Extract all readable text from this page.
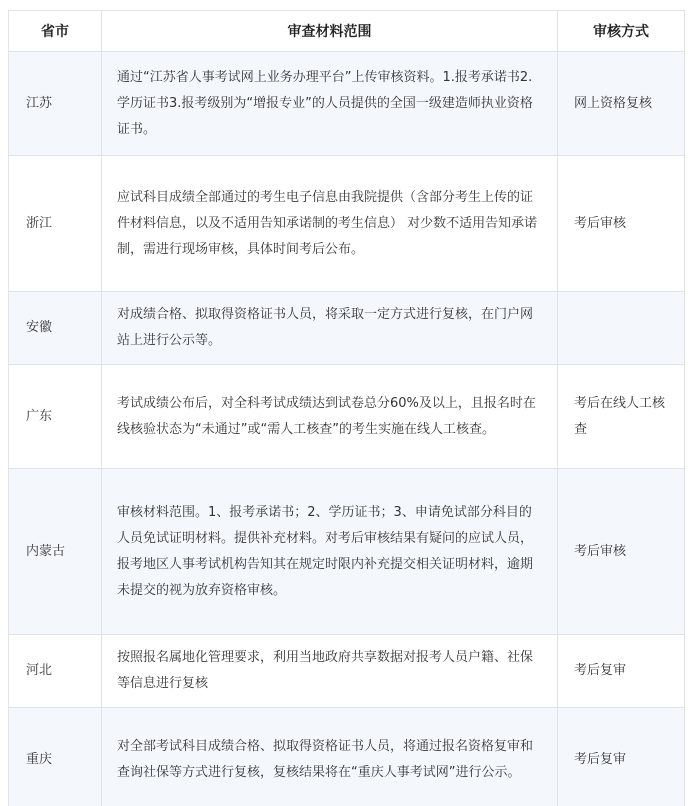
省市	审查材料范围	审核方式
江苏	通过“江苏省人事考试网上业务办理平台”上传审核资料。1.报考承诺书2.学历证书3.报考级别为“增报专业”的人员提供的全国一级建造师执业资格证书。	网上资格复核
浙江	应试科目成绩全部通过的考生电子信息由我院提供（含部分考生上传的证件材料信息，以及不适用告知承诺制的考生信息） 对少数不适用告知承诺制，需进行现场审核，具体时间考后公布。	考后审核
安徽	对成绩合格、拟取得资格证书人员，将采取一定方式进行复核，在门户网站上进行公示等。	
广东	考试成绩公布后，对全科考试成绩达到试卷总分60%及以上，且报名时在线核验状态为“未通过”或“需人工核查”的考生实施在线人工核查。	考后在线人工核查
内蒙古	审核材料范围。1、报考承诺书；2、学历证书；3、申请免试部分科目的人员免试证明材料。提供补充材料。对考后审核结果有疑问的应试人员，报考地区人事考试机构告知其在规定时限内补充提交相关证明材料，逾期未提交的视为放弃资格审核。	考后审核
河北	按照报名属地化管理要求，利用当地政府共享数据对报考人员户籍、社保等信息进行复核	考后复审
重庆	对全部考试科目成绩合格、拟取得资格证书人员，将通过报名资格复审和查询社保等方式进行复核，复核结果将在“重庆人事考试网”进行公示。	考后复审
